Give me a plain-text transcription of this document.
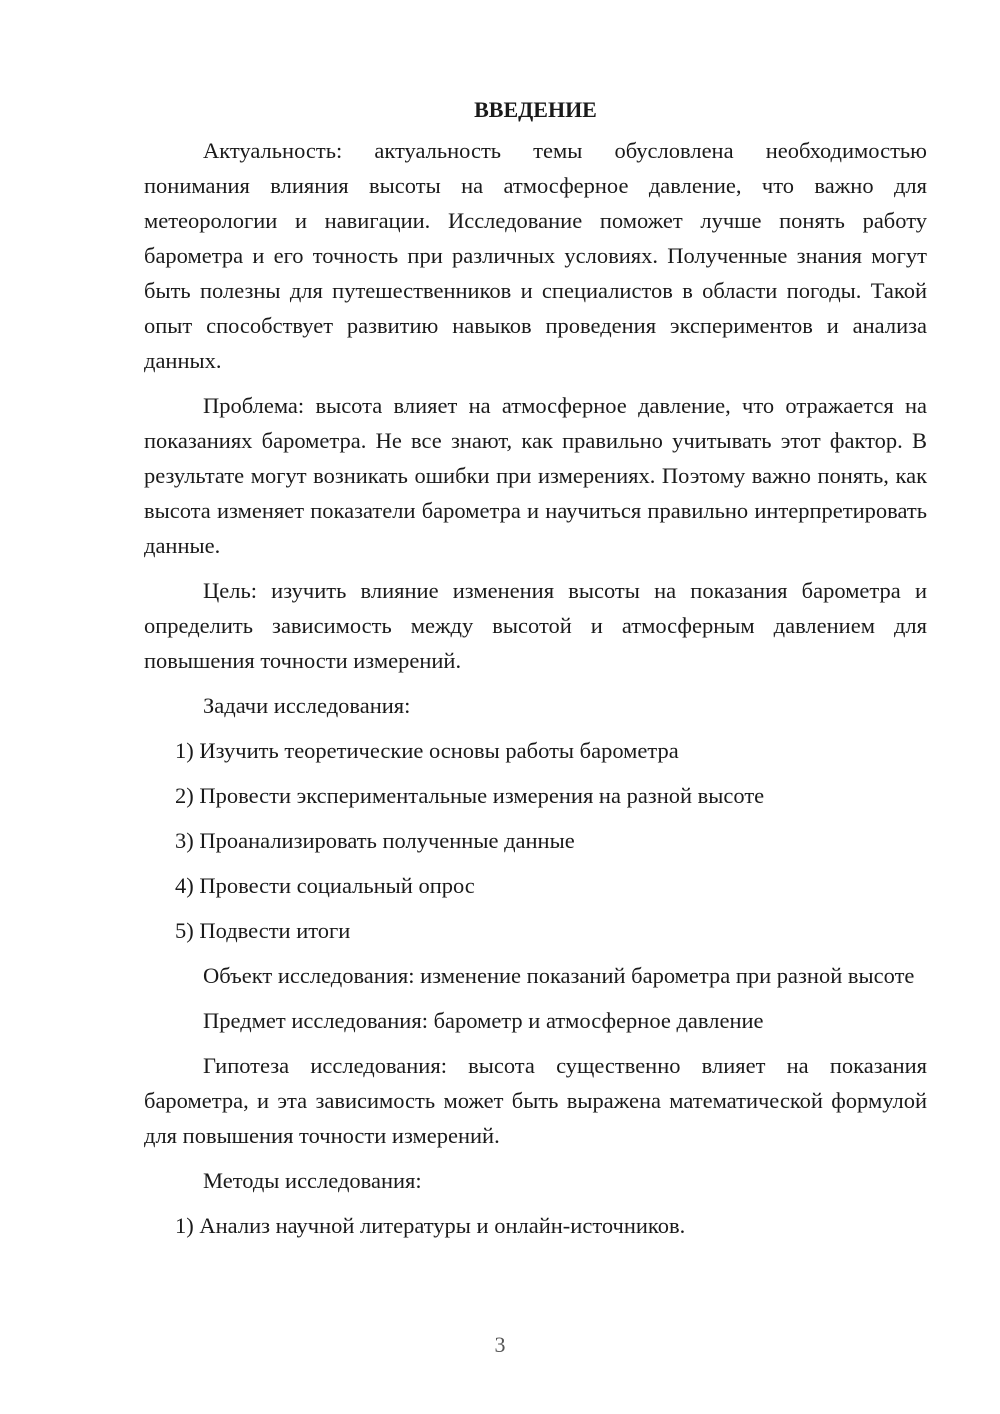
ВВЕДЕНИЕ

Актуальность: актуальность темы обусловлена необходимостью понимания влияния высоты на атмосферное давление, что важно для метеорологии и навигации. Исследование поможет лучше понять работу барометра и его точность при различных условиях. Полученные знания могут быть полезны для путешественников и специалистов в области погоды. Такой опыт способствует развитию навыков проведения экспериментов и анализа данных.

Проблема: высота влияет на атмосферное давление, что отражается на показаниях барометра. Не все знают, как правильно учитывать этот фактор. В результате могут возникать ошибки при измерениях. Поэтому важно понять, как высота изменяет показатели барометра и научиться правильно интерпретировать данные.

Цель: изучить влияние изменения высоты на показания барометра и определить зависимость между высотой и атмосферным давлением для повышения точности измерений.

Задачи исследования:

1) Изучить теоретические основы работы барометра
2) Провести экспериментальные измерения на разной высоте
3) Проанализировать полученные данные
4) Провести социальный опрос
5) Подвести итоги

Объект исследования: изменение показаний барометра при разной высоте

Предмет исследования: барометр и атмосферное давление

Гипотеза исследования: высота существенно влияет на показания барометра, и эта зависимость может быть выражена математической формулой для повышения точности измерений.

Методы исследования:

1) Анализ научной литературы и онлайн-источников.
3
